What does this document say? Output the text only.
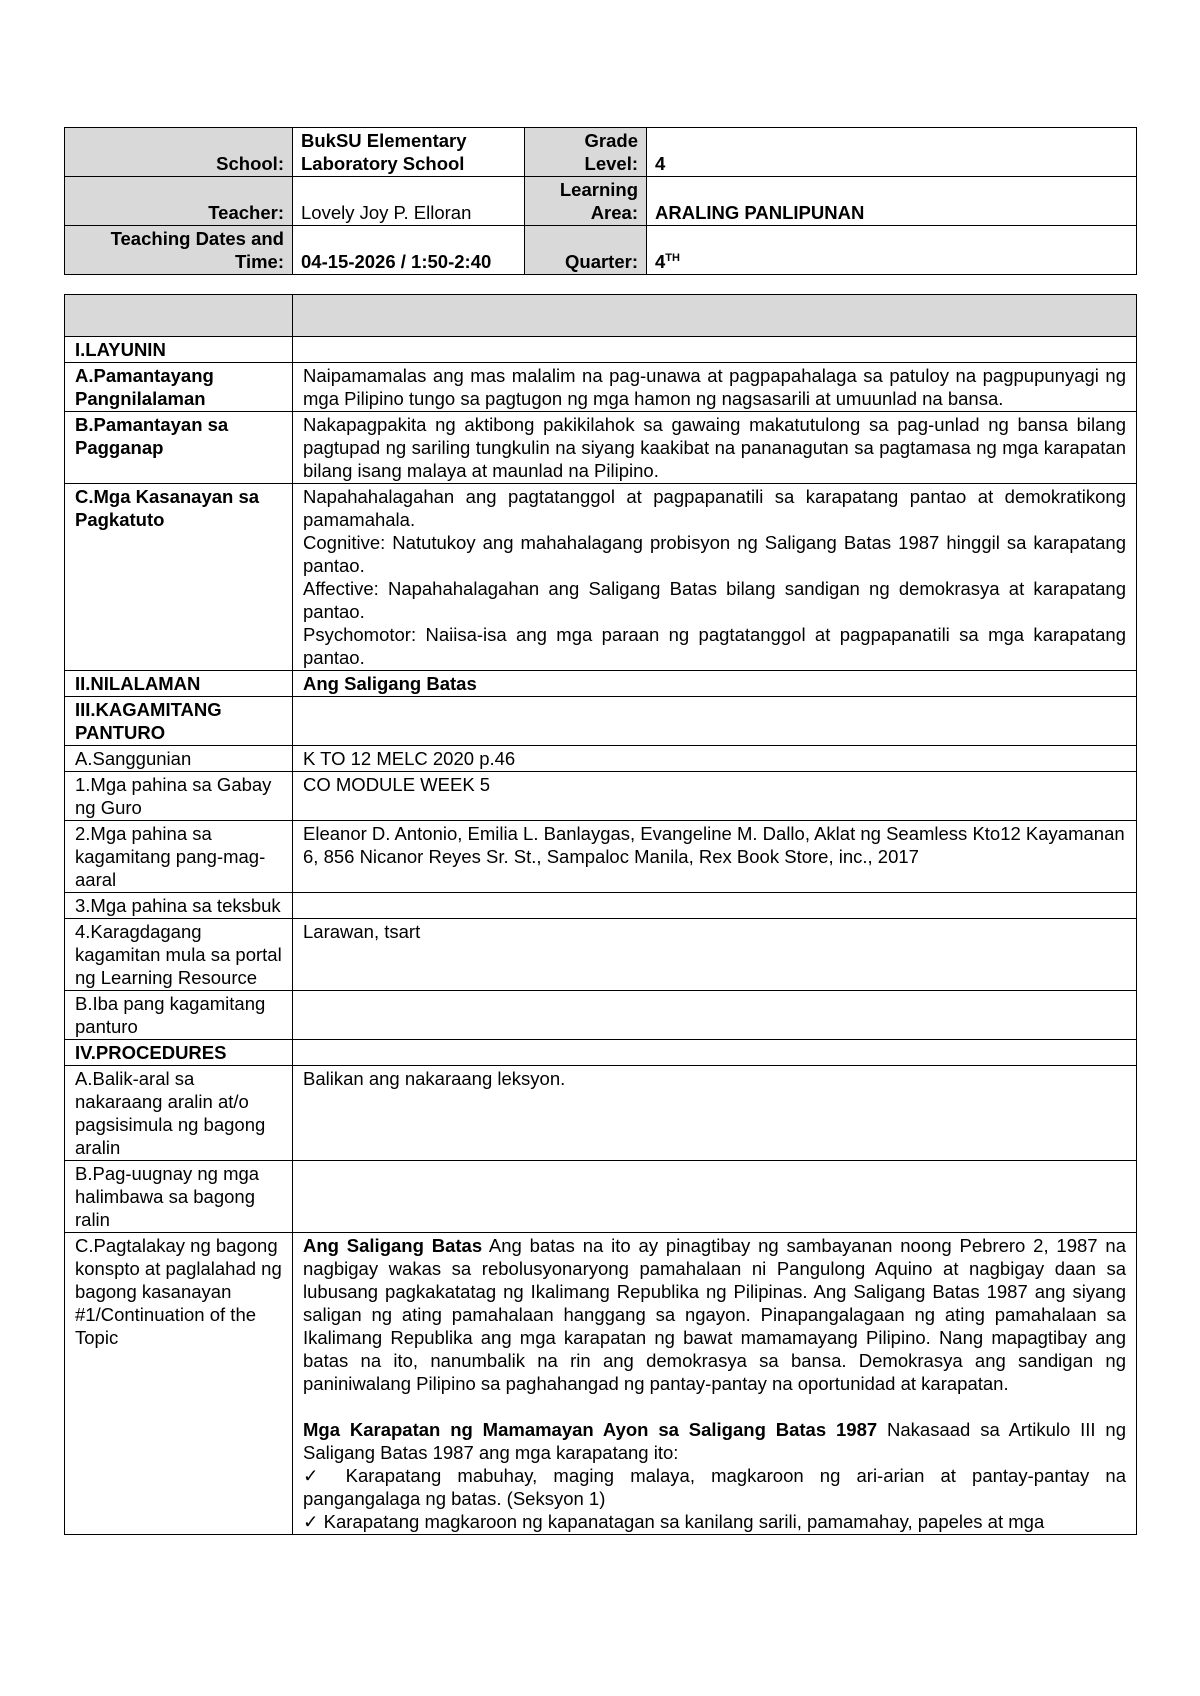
School:	BukSU Elementary Laboratory School	Grade Level:	4
Teacher:	Lovely Joy P. Elloran	Learning Area:	ARALING PANLIPUNAN
Teaching Dates and Time:	04-15-2026 / 1:50-2:40	Quarter:	4TH

I.LAYUNIN	
A.Pamantayang Pangnilalaman	Naipamamalas ang mas malalim na pag-unawa at pagpapahalaga sa patuloy na pagpupunyagi ng mga Pilipino tungo sa pagtugon ng mga hamon ng nagsasarili at umuunlad na bansa.
B.Pamantayan sa Pagganap	Nakapagpakita ng aktibong pakikilahok sa gawaing makatutulong sa pag-unlad ng bansa bilang pagtupad ng sariling tungkulin na siyang kaakibat na pananagutan sa pagtamasa ng mga karapatan bilang isang malaya at maunlad na Pilipino.
C.Mga Kasanayan sa Pagkatuto	Napahahalagahan ang pagtatanggol at pagpapanatili sa karapatang pantao at demokratikong pamamahala.

Cognitive: Natutukoy ang mahahalagang probisyon ng Saligang Batas 1987 hinggil sa karapatang pantao.

Affective: Napahahalagahan ang Saligang Batas bilang sandigan ng demokrasya at karapatang pantao.

Psychomotor: Naiisa-isa ang mga paraan ng pagtatanggol at pagpapanatili sa mga karapatang pantao.

II.NILALAMAN	Ang Saligang Batas
III.KAGAMITANG PANTURO	
A.Sanggunian	K TO 12 MELC 2020 p.46
1.Mga pahina sa Gabay ng Guro	CO MODULE WEEK 5
2.Mga pahina sa kagamitang pang-mag-aaral	Eleanor D. Antonio, Emilia L. Banlaygas, Evangeline M. Dallo, Aklat ng Seamless Kto12 Kayamanan 6, 856 Nicanor Reyes Sr. St., Sampaloc Manila, Rex Book Store, inc., 2017
3.Mga pahina sa teksbuk	
4.Karagdagang kagamitan mula sa portal ng Learning Resource	Larawan, tsart
B.Iba pang kagamitang panturo	
IV.PROCEDURES	
A.Balik-aral sa nakaraang aralin at/o pagsisimula ng bagong aralin	Balikan ang nakaraang leksyon.
B.Pag-uugnay ng mga halimbawa sa bagong ralin	
C.Pagtalakay ng bagong konspto at paglalahad ng bagong kasanayan #1/Continuation of the Topic	Ang Saligang Batas Ang batas na ito ay pinagtibay ng sambayanan noong Pebrero 2, 1987 na nagbigay wakas sa rebolusyonaryong pamahalaan ni Pangulong Aquino at nagbigay daan sa lubusang pagkakatatag ng Ikalimang Republika ng Pilipinas. Ang Saligang Batas 1987 ang siyang saligan ng ating pamahalaan hanggang sa ngayon. Pinapangalagaan ng ating pamahalaan sa Ikalimang Republika ang mga karapatan ng bawat mamamayang Pilipino. Nang mapagtibay ang batas na ito, nanumbalik na rin ang demokrasya sa bansa. Demokrasya ang sandigan ng paniniwalang Pilipino sa paghahangad ng pantay-pantay na oportunidad at karapatan.

Mga Karapatan ng Mamamayan Ayon sa Saligang Batas 1987 Nakasaad sa Artikulo III ng Saligang Batas 1987 ang mga karapatang ito:

✓ Karapatang mabuhay, maging malaya, magkaroon ng ari-arian at pantay-pantay na pangangalaga ng batas. (Seksyon 1)

✓ Karapatang magkaroon ng kapanatagan sa kanilang sarili, pamamahay, papeles at mga
